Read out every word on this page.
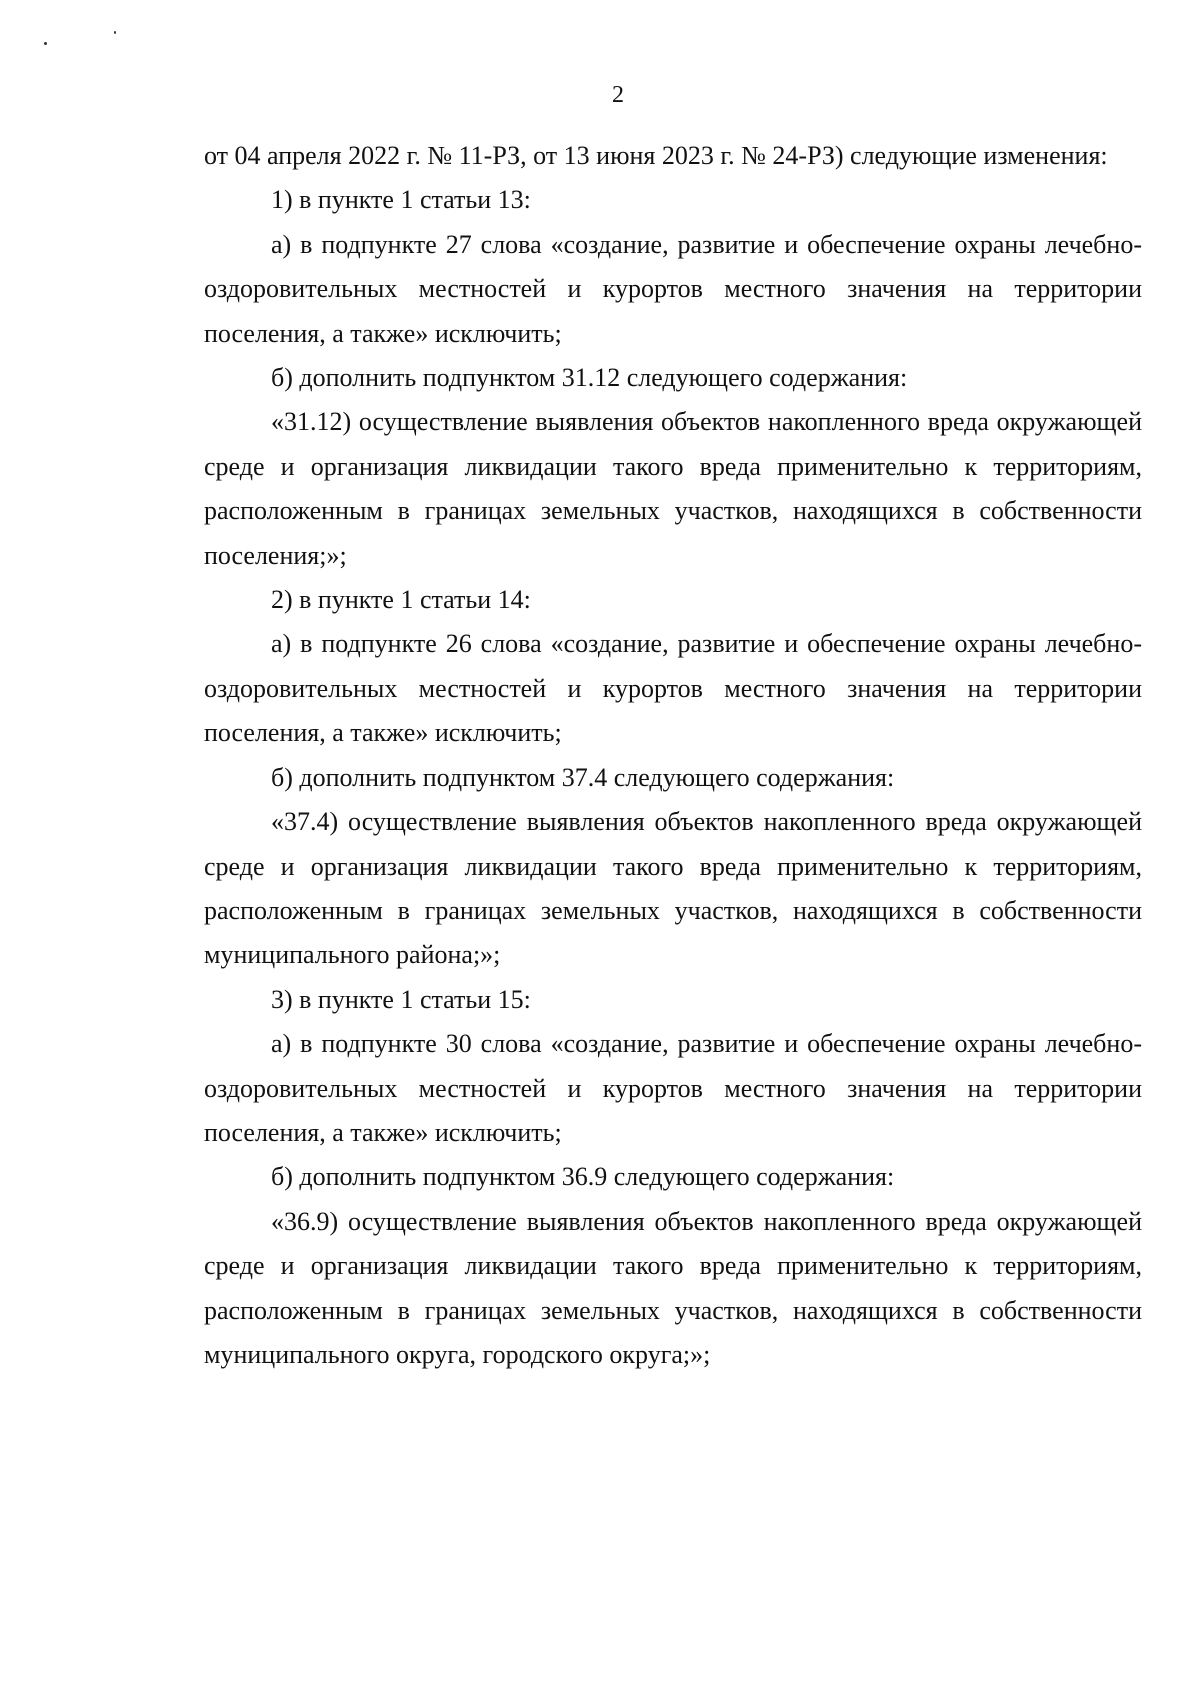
2

от 04 апреля 2022 г. № 11-РЗ, от 13 июня 2023 г. № 24-РЗ) следующие изменения:

1) в пункте 1 статьи 13:

а) в подпункте 27 слова «создание, развитие и обеспечение охраны лечебно-оздоровительных местностей и курортов местного значения на территории поселения, а также» исключить;

б) дополнить подпунктом 31.12 следующего содержания:

«31.12) осуществление выявления объектов накопленного вреда окружающей среде и организация ликвидации такого вреда применительно к территориям, расположенным в границах земельных участков, находящихся в собственности поселения;»;

2) в пункте 1 статьи 14:

а) в подпункте 26 слова «создание, развитие и обеспечение охраны лечебно-оздоровительных местностей и курортов местного значения на территории поселения, а также» исключить;

б) дополнить подпунктом 37.4 следующего содержания:

«37.4) осуществление выявления объектов накопленного вреда окружающей среде и организация ликвидации такого вреда применительно к территориям, расположенным в границах земельных участков, находящихся в собственности муниципального района;»;

3) в пункте 1 статьи 15:

а) в подпункте 30 слова «создание, развитие и обеспечение охраны лечебно-оздоровительных местностей и курортов местного значения на территории поселения, а также» исключить;

б) дополнить подпунктом 36.9 следующего содержания:

«36.9) осуществление выявления объектов накопленного вреда окружающей среде и организация ликвидации такого вреда применительно к территориям, расположенным в границах земельных участков, находящихся в собственности муниципального округа, городского округа;»;
